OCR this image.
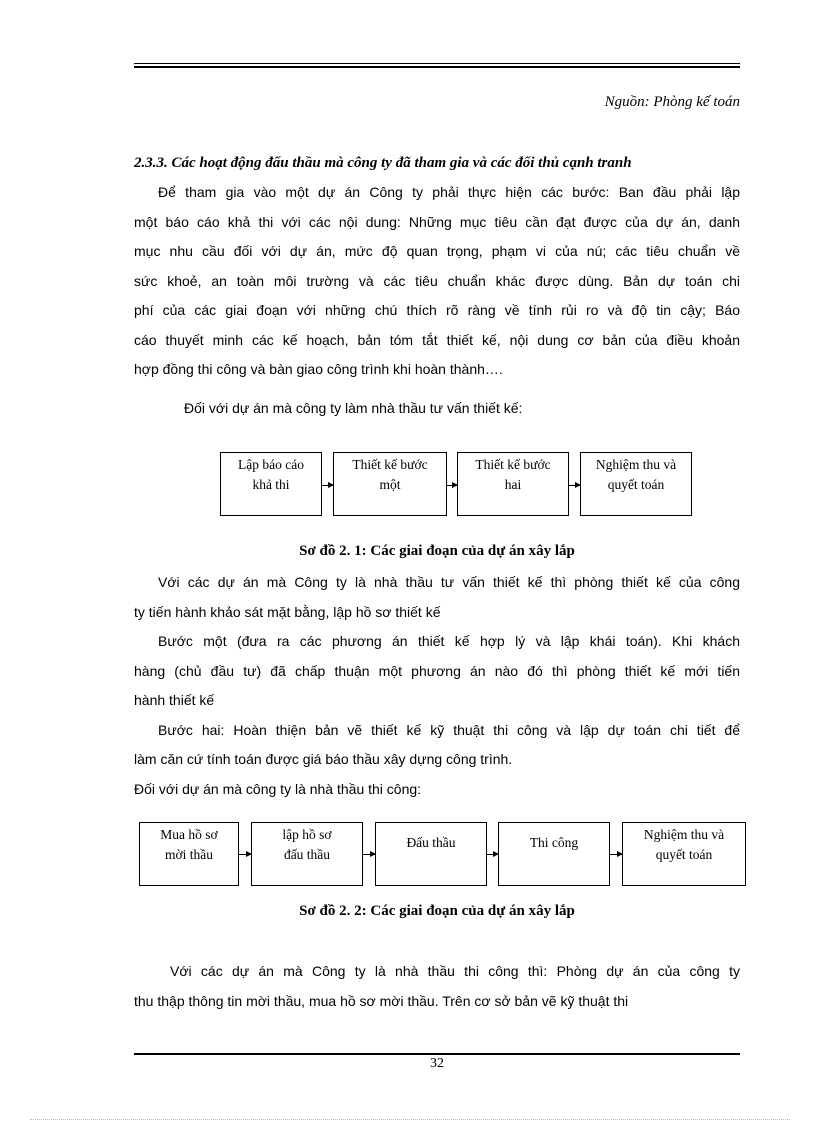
Nguồn: Phòng kế toán
2.3.3. Các hoạt động đấu thầu mà công ty đã tham gia và các đối thủ cạnh tranh
Để tham gia vào một dự án Công ty phải thực hiện các bước: Ban đầu phải lập
một báo cáo khả thi với các nội dung: Những mục tiêu cần đạt được của dự án, danh
mục nhu cầu đối với dự án, mức độ quan trọng, phạm vi của nú; các tiêu chuẩn về
sức khoẻ, an toàn môi trường và các tiêu chuẩn khác được dùng. Bản dự toán chi
phí của các giai đoạn với những chú thích rõ ràng về tính rủi ro và độ tin cậy; Báo
cáo thuyết minh các kế hoạch, bản tóm tắt thiết kế, nội dung cơ bản của điều khoản
hợp đồng thi công và bàn giao công trình khi hoàn thành….
Đối với dự án mà công ty làm nhà thầu tư vấn thiết kế:
Lập báo cáo
khả thi
Thiết kế bước
một
Thiết kế bước
hai
Nghiệm thu và
quyết toán
Sơ đồ 2. 1: Các giai đoạn của dự án xây lắp
Với các dự án mà Công ty là nhà thầu tư vấn thiết kế thì phòng thiết kế của công
ty tiến hành khảo sát mặt bằng, lập hồ sơ thiết kế
Bước một (đưa ra các phương án thiết kế hợp lý và lập khái toán). Khi khách
hàng (chủ đầu tư) đã chấp thuận một phương án nào đó thì phòng thiết kế mới tiến
hành thiết kế
Bước hai: Hoàn thiện bản vẽ thiết kế kỹ thuật thi công và lập dự toán chi tiết để
làm căn cứ tính toán được giá báo thầu xây dựng công trình.
Đối với dự án mà công ty là nhà thầu thi công:
Mua hồ sơ
mời thầu
lập hồ sơ
đấu thầu
Đấu thầu	Thi công
Nghiệm thu và
quyết toán
Sơ đồ 2. 2: Các giai đoạn của dự án xây lắp
Với các dự án mà Công ty là nhà thầu thi công thì: Phòng dự án của công ty
thu thập thông tin mời thầu, mua hồ sơ mời thầu. Trên cơ sở bản vẽ kỹ thuật thi
32
